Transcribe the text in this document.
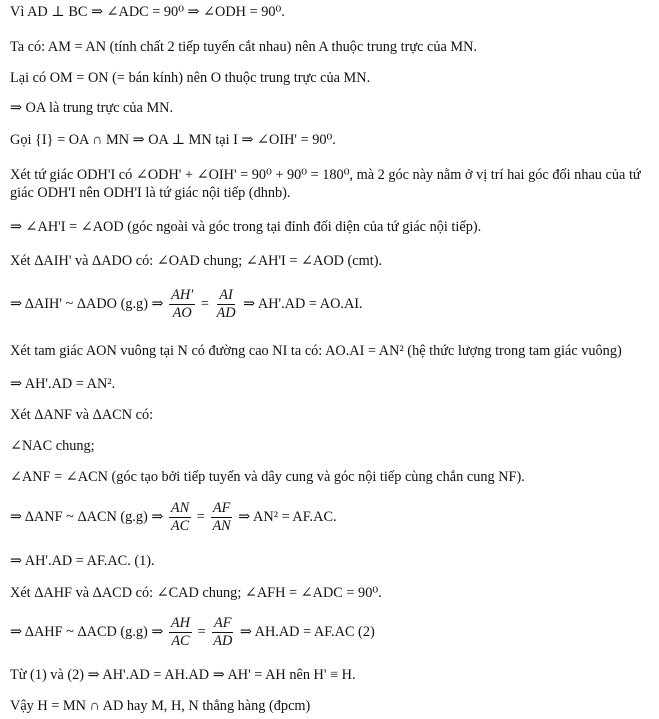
Vì AD ⊥ BC ⇒ ∠ADC = 90⁰ ⇒ ∠ODH = 90⁰.
Ta có: AM = AN (tính chất 2 tiếp tuyến cắt nhau) nên A thuộc trung trực của MN.
Lại có OM = ON (= bán kính) nên O thuộc trung trực của MN.
⇒ OA là trung trực của MN.
Gọi {I} = OA ∩ MN ⇒ OA ⊥ MN tại I ⇒ ∠OIH' = 90⁰.
Xét tứ giác ODH'I có ∠ODH' + ∠OIH' = 90⁰ + 90⁰ = 180⁰, mà 2 góc này nằm ở vị trí hai góc đối nhau của tứ giác ODH'I nên ODH'I là tứ giác nội tiếp (dhnb).
⇒ ∠AH'I = ∠AOD (góc ngoài và góc trong tại đỉnh đối diện của tứ giác nội tiếp).
Xét ΔAIH' và ΔADO có: ∠OAD chung; ∠AH'I = ∠AOD (cmt).
⇒ ΔAIH' ~ ΔADO (g.g) ⇒ $\frac{AH'}{AO} = \frac{AI}{AD}$ ⇒ AH'.AD = AO.AI.
Xét tam giác AON vuông tại N có đường cao NI ta có: AO.AI = AN² (hệ thức lượng trong tam giác vuông)
⇒ AH'.AD = AN².
Xét ΔANF và ΔACN có:
∠NAC chung;
∠ANF = ∠ACN (góc tạo bởi tiếp tuyến và dây cung và góc nội tiếp cùng chắn cung NF).
⇒ ΔANF ~ ΔACN (g.g) ⇒ $\frac{AN}{AC} = \frac{AF}{AN}$ ⇒ AN² = AF.AC.
⇒ AH'.AD = AF.AC. (1).
Xét ΔAHF và ΔACD có: ∠CAD chung; ∠AFH = ∠ADC = 90⁰.
⇒ ΔAHF ~ ΔACD (g.g) ⇒ $\frac{AH}{AC} = \frac{AF}{AD}$ ⇒ AH.AD = AF.AC (2)
Từ (1) và (2) ⇒ AH'.AD = AH.AD ⇒ AH' = AH nên H' ≡ H.
Vậy H = MN ∩ AD hay M, H, N thẳng hàng (đpcm)
